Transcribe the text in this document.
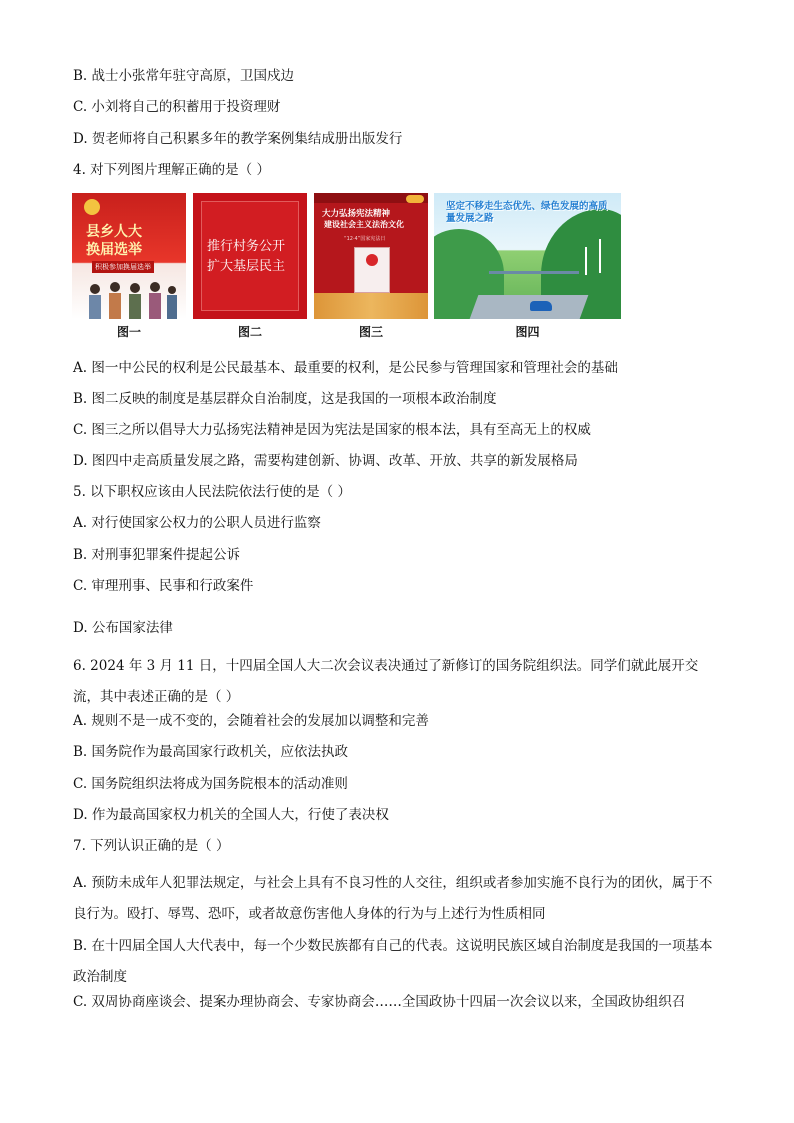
B. 战士小张常年驻守高原，卫国戍边
C. 小刘将自己的积蓄用于投资理财
D. 贺老师将自己积累多年的教学案例集结成册出版发行
4. 对下列图片理解正确的是（ ）
县乡人大
换届选举
积极参加换届选举
图一
推行村务公开
扩大基层民主
图二
大力弘扬宪法精神
建设社会主义法治文化
“12·4”国家宪法日
图三
坚定不移走生态优先、绿色发展的高质量发展之路
图四
A. 图一中公民的权利是公民最基本、最重要的权利，是公民参与管理国家和管理社会的基础
B. 图二反映的制度是基层群众自治制度，这是我国的一项根本政治制度
C. 图三之所以倡导大力弘扬宪法精神是因为宪法是国家的根本法，具有至高无上的权威
D. 图四中走高质量发展之路，需要构建创新、协调、改革、开放、共享的新发展格局
5. 以下职权应该由人民法院依法行使的是（ ）
A. 对行使国家公权力的公职人员进行监察
B. 对刑事犯罪案件提起公诉
C. 审理刑事、民事和行政案件
D. 公布国家法律
6. 2024 年 3 月 11 日，十四届全国人大二次会议表决通过了新修订的国务院组织法。同学们就此展开交流，其中表述正确的是（ ）
A. 规则不是一成不变的，会随着社会的发展加以调整和完善
B. 国务院作为最高国家行政机关，应依法执政
C. 国务院组织法将成为国务院根本的活动准则
D. 作为最高国家权力机关的全国人大，行使了表决权
7. 下列认识正确的是（ ）
A. 预防未成年人犯罪法规定，与社会上具有不良习性的人交往，组织或者参加实施不良行为的团伙，属于不良行为。殴打、辱骂、恐吓，或者故意伤害他人身体的行为与上述行为性质相同
B. 在十四届全国人大代表中，每一个少数民族都有自己的代表。这说明民族区域自治制度是我国的一项基本政治制度
C. 双周协商座谈会、提案办理协商会、专家协商会……全国政协十四届一次会议以来，全国政协组织召
